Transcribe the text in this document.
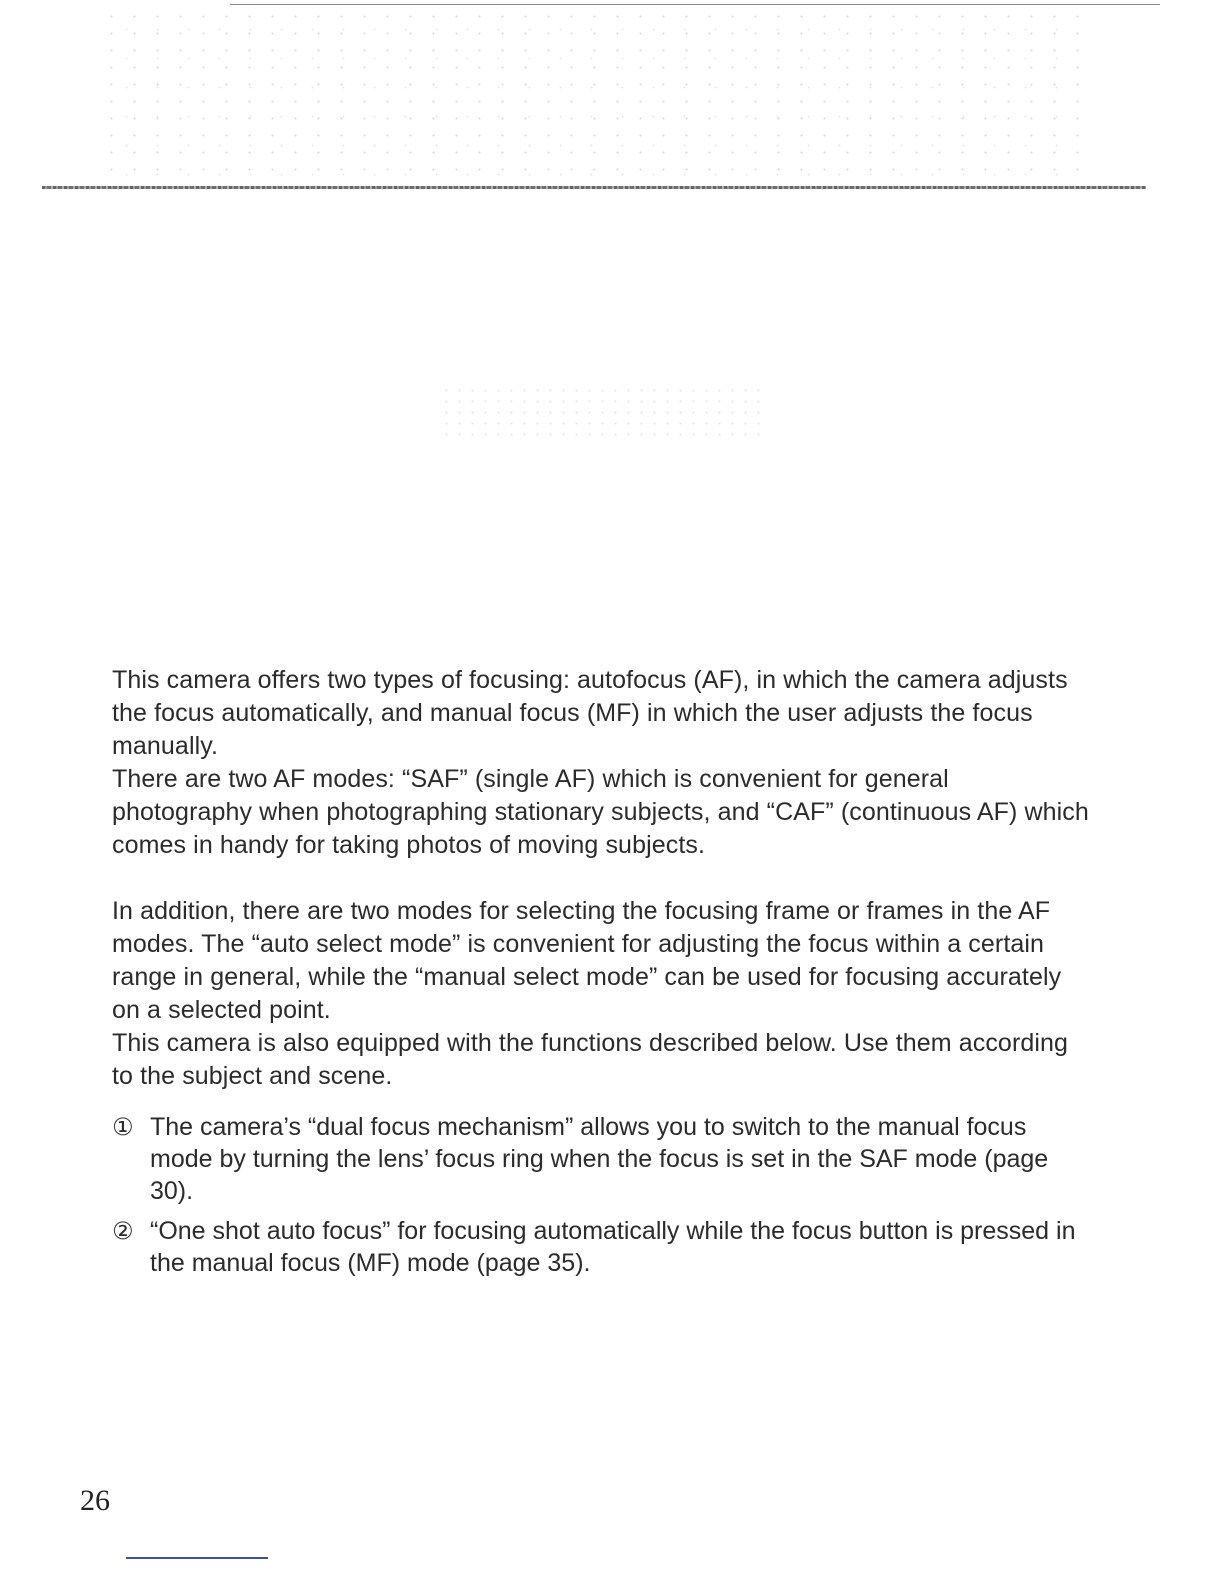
This camera offers two types of focusing: autofocus (AF), in which the camera adjusts the focus automatically, and manual focus (MF) in which the user adjusts the focus manually.

There are two AF modes: “SAF” (single AF) which is convenient for general photography when photographing stationary subjects, and “CAF” (continuous AF) which comes in handy for taking photos of moving subjects.

In addition, there are two modes for selecting the focusing frame or frames in the AF modes. The “auto select mode” is convenient for adjusting the focus within a certain range in general, while the “manual select mode” can be used for focusing accurately on a selected point.

This camera is also equipped with the functions described below. Use them according to the subject and scene.

① The camera’s “dual focus mechanism” allows you to switch to the manual focus mode by turning the lens’ focus ring when the focus is set in the SAF mode (page 30).
② “One shot auto focus” for focusing automatically while the focus button is pressed in the manual focus (MF) mode (page 35).
26
